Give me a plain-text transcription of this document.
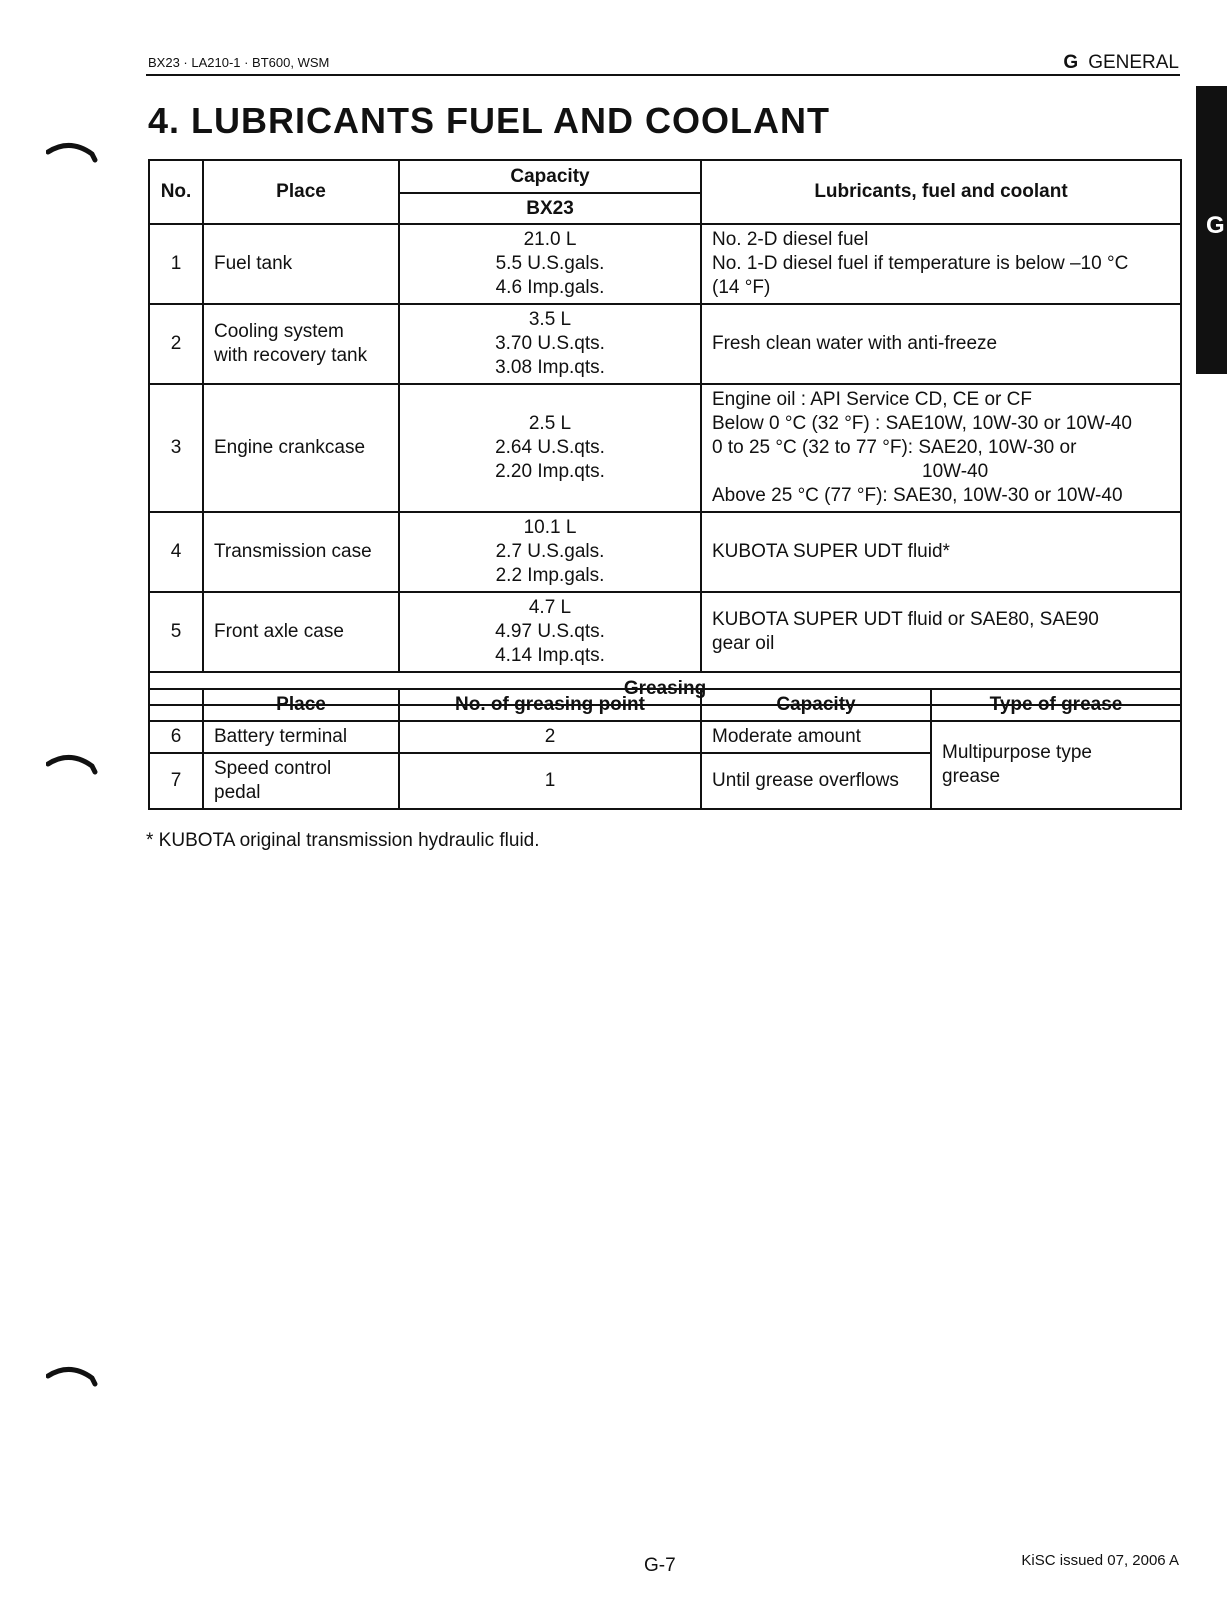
BX23 · LA210-1 · BT600, WSM	G GENERAL
4. LUBRICANTS FUEL AND COOLANT
G
No.	Place	Capacity	Lubricants, fuel and coolant
		BX23	
1	Fuel tank	21.0 L
5.5 U.S.gals.
4.6 Imp.gals.	No. 2-D diesel fuel
No. 1-D diesel fuel if temperature is below –10 °C
(14 °F)

2	Cooling system
with recovery tank	3.5 L
3.70 U.S.qts.
3.08 Imp.qts.	Fresh clean water with anti-freeze

3	Engine crankcase	2.5 L
2.64 U.S.qts.
2.20 Imp.qts.	Engine oil : API Service CD, CE or CF
Below 0 °C (32 °F) : SAE10W, 10W-30 or 10W-40
0 to 25 °C (32 to 77 °F): SAE20, 10W-30 or
10W-40
Above 25 °C (77 °F): SAE30, 10W-30 or 10W-40

4	Transmission case	10.1 L
2.7 U.S.gals.
2.2 Imp.gals.	KUBOTA SUPER UDT fluid*

5	Front axle case	4.7 L
4.97 U.S.qts.
4.14 Imp.qts.	KUBOTA SUPER UDT fluid or SAE80, SAE90
gear oil

Greasing			
	Place	No. of greasing point	Capacity	Type of grease
6	Battery terminal	2	Moderate amount	Multipurpose type
grease

7	Speed control
pedal	1	Until grease overflows	
* KUBOTA original transmission hydraulic fluid.
G-7	KiSC issued 07, 2006 A
